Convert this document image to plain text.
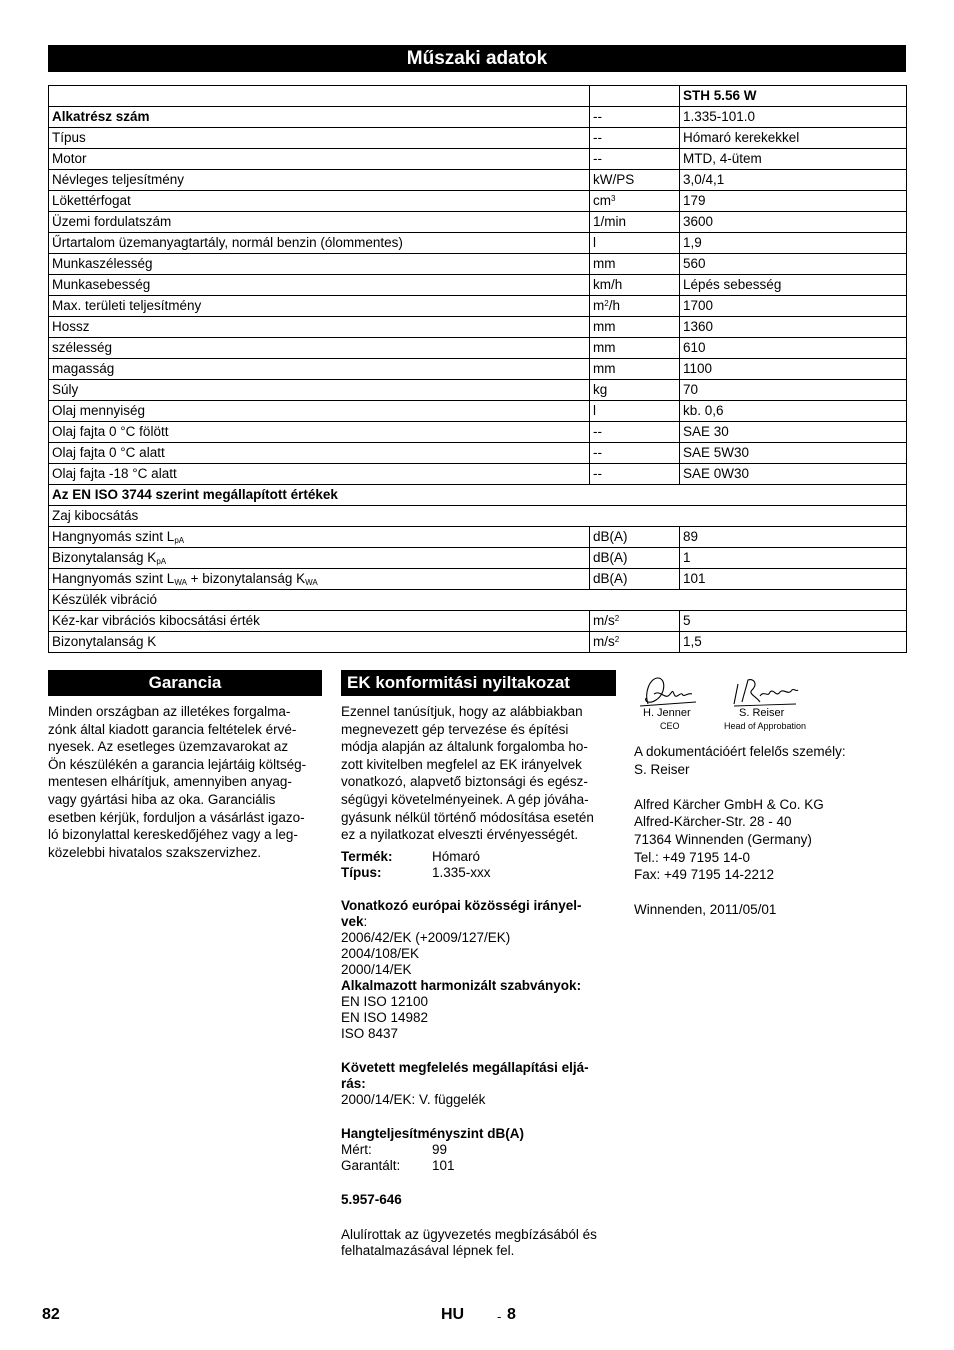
Műszaki adatok
		STH 5.56 W
Alkatrész szám	--	1.335-101.0
Típus	--	Hómaró kerekekkel
Motor	--	MTD, 4-ütem
Névleges teljesítmény	kW/PS	3,0/4,1
Lökettérfogat	$cm^3$	179
Üzemi fordulatszám	1/min	3600
Űrtartalom üzemanyagtartály, normál benzin (ólommentes)	l	1,9
Munkaszélesség	mm	560
Munkasebesség	km/h	Lépés sebesség
Max. területi teljesítmény	$m^2/h$	1700
Hossz	mm	1360
szélesség	mm	610
magasság	mm	1100
Súly	kg	70
Olaj mennyiség	l	kb. 0,6
Olaj fajta 0 °C fölött	--	SAE 30
Olaj fajta 0 °C alatt	--	SAE 5W30
Olaj fajta -18 °C alatt	--	SAE 0W30
Az EN ISO 3744 szerint megállapított értékek		
Zaj kibocsátás		
Hangnyomás szint $L_{pA}$	dB(A)	89
Bizonytalanság $K_{pA}$	dB(A)	1
Hangnyomás szint $L_{WA}$ + bizonytalanság $K_{WA}$	dB(A)	101
Készülék vibráció		
Kéz-kar vibrációs kibocsátási érték	$m/s^2$	5
Bizonytalanság K	$m/s^2$	1,5
Garancia
Minden országban az illetékes forgalma-
zónk által kiadott garancia feltételek érvé-
nyesek. Az esetleges üzemzavarokat az
Ön készülékén a garancia lejártáig költség-
mentesen elhárítjuk, amennyiben anyag-
vagy gyártási hiba az oka. Garanciális
esetben kérjük, forduljon a vásárlást igazo-
ló bizonylattal kereskedőjéhez vagy a leg-
közelebbi hivatalos szakszervizhez.
EK konformitási nyiltakozat
Ezennel tanúsítjuk, hogy az alábbiakban
megnevezett gép tervezése és építési
módja alapján az általunk forgalomba ho-
zott kivitelben megfelel az EK irányelvek
vonatkozó, alapvető biztonsági és egész-
ségügyi követelményeinek. A gép jóváha-
gyásunk nélkül történő módosítása esetén
ez a nyilatkozat elveszti érvényességét.
Termék:	Hómaró
Típus:	1.335-xxx
Vonatkozó európai közösségi irányel-
vek:
2006/42/EK (+2009/127/EK)
2004/108/EK
2000/14/EK
Alkalmazott harmonizált szabványok:
EN ISO 12100
EN ISO 14982
ISO 8437
Követett megfelelés megállapítási eljá-
rás:
2000/14/EK: V. függelék
Hangteljesítményszint dB(A)
Mért:	99
Garantált:	101
5.957-646
Alulírottak az ügyvezetés megbízásából és
felhatalmazásával lépnek fel.
H. Jenner
CEO
S. Reiser
Head of Approbation
A dokumentációért felelős személy:
S. Reiser
Alfred Kärcher GmbH & Co. KG
Alfred-Kärcher-Str. 28 - 40
71364 Winnenden (Germany)
Tel.: +49 7195 14-0
Fax: +49 7195 14-2212
Winnenden, 2011/05/01
82	HU	- 8
